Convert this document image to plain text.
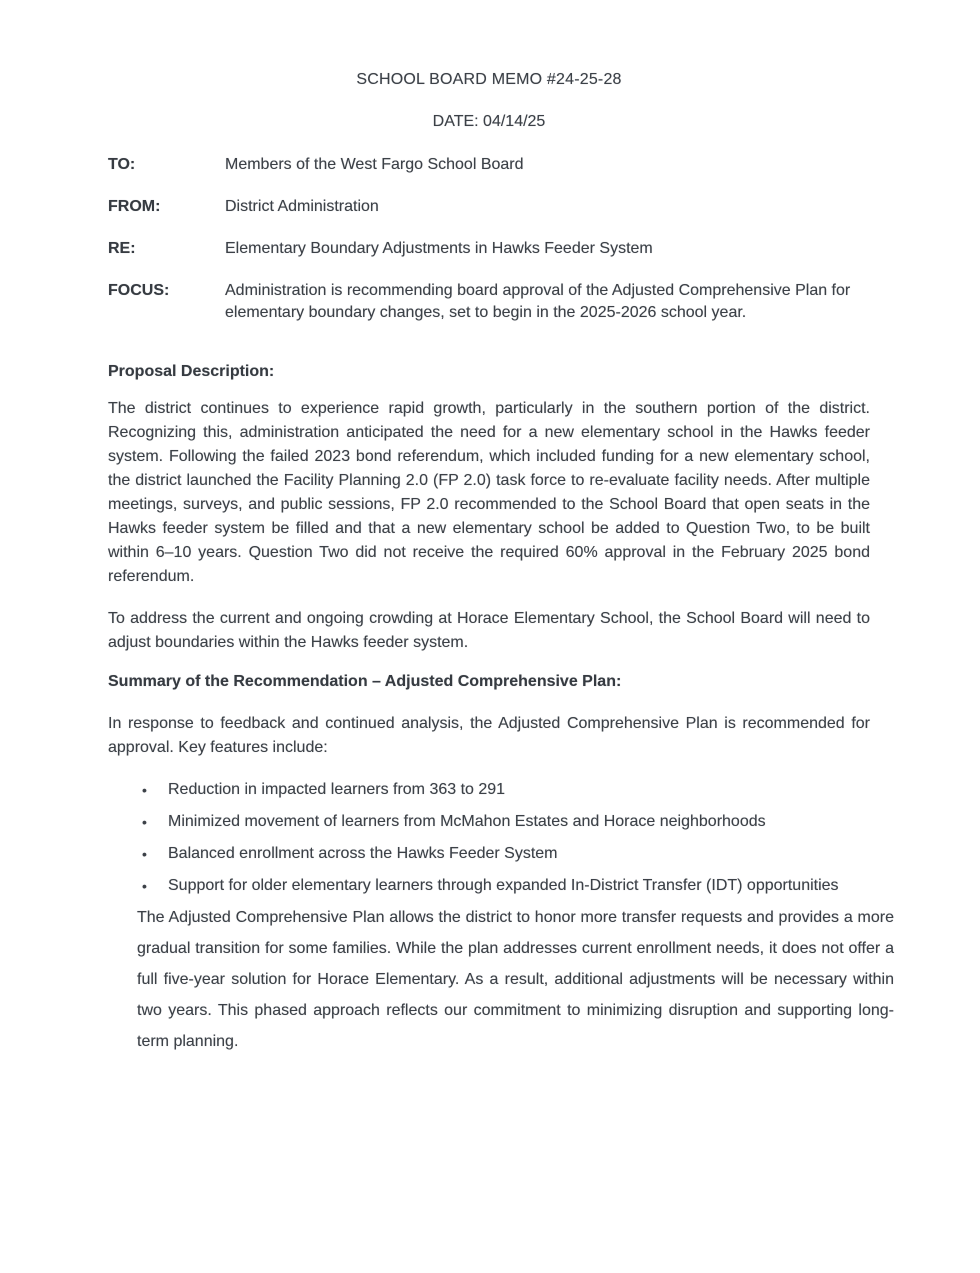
SCHOOL BOARD MEMO #24-25-28
DATE: 04/14/25
TO:	Members of the West Fargo School Board
FROM:	District Administration
RE:	Elementary Boundary Adjustments in Hawks Feeder System
FOCUS:	Administration is recommending board approval of the Adjusted Comprehensive Plan for elementary boundary changes, set to begin in the 2025-2026 school year.
Proposal Description:
The district continues to experience rapid growth, particularly in the southern portion of the district. Recognizing this, administration anticipated the need for a new elementary school in the Hawks feeder system. Following the failed 2023 bond referendum, which included funding for a new elementary school, the district launched the Facility Planning 2.0 (FP 2.0) task force to re-evaluate facility needs. After multiple meetings, surveys, and public sessions, FP 2.0 recommended to the School Board that open seats in the Hawks feeder system be filled and that a new elementary school be added to Question Two, to be built within 6–10 years. Question Two did not receive the required 60% approval in the February 2025 bond referendum.
To address the current and ongoing crowding at Horace Elementary School, the School Board will need to adjust boundaries within the Hawks feeder system.
Summary of the Recommendation – Adjusted Comprehensive Plan:
In response to feedback and continued analysis, the Adjusted Comprehensive Plan is recommended for approval. Key features include:
• Reduction in impacted learners from 363 to 291
• Minimized movement of learners from McMahon Estates and Horace neighborhoods
• Balanced enrollment across the Hawks Feeder System
• Support for older elementary learners through expanded In-District Transfer (IDT) opportunities
The Adjusted Comprehensive Plan allows the district to honor more transfer requests and provides a more gradual transition for some families. While the plan addresses current enrollment needs, it does not offer a full five-year solution for Horace Elementary. As a result, additional adjustments will be necessary within two years. This phased approach reflects our commitment to minimizing disruption and supporting long-term planning.
